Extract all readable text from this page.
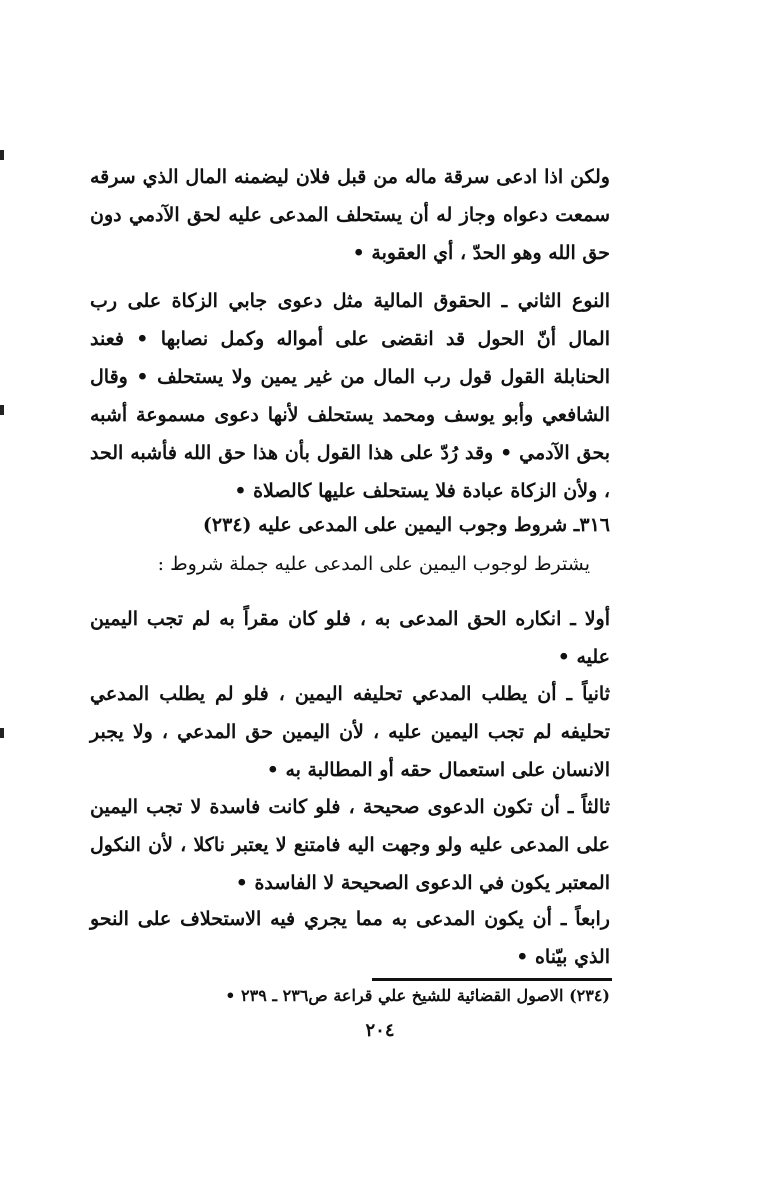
ولكن اذا ادعى سرقة ماله من قبل فلان ليضمنه المال الذي سرقه سمعت دعواه وجاز له أن يستحلف المدعى عليه لحق الآدمي دون حق الله وهو الحدّ ، أي العقوبة •

النوع الثاني ـ الحقوق المالية مثل دعوى جابي الزكاة على رب المال أنّ الحول قد انقضى على أمواله وكمل نصابها • فعند الحنابلة القول قول رب المال من غير يمين ولا يستحلف • وقال الشافعي وأبو يوسف ومحمد يستحلف لأنها دعوى مسموعة أشبه بحق الآدمي • وقد رُدّ على هذا القول بأن هذا حق الله فأشبه الحد ، ولأن الزكاة عبادة فلا يستحلف عليها كالصلاة •

٣١٦ـ شروط وجوب اليمين على المدعى عليه (٢٣٤)

يشترط لوجوب اليمين على المدعى عليه جملة شروط :

أولا ـ انكاره الحق المدعى به ، فلو كان مقراً به لم تجب اليمين عليه •

ثانياً ـ أن يطلب المدعي تحليفه اليمين ، فلو لم يطلب المدعي تحليفه لم تجب اليمين عليه ، لأن اليمين حق المدعي ، ولا يجبر الانسان على استعمال حقه أو المطالبة به •

ثالثاً ـ أن تكون الدعوى صحيحة ، فلو كانت فاسدة لا تجب اليمين على المدعى عليه ولو وجهت اليه فامتنع لا يعتبر ناكلا ، لأن النكول المعتبر يكون في الدعوى الصحيحة لا الفاسدة •

رابعاً ـ أن يكون المدعى به مما يجري فيه الاستحلاف على النحو الذي بيّناه •

(٢٣٤) الاصول القضائية للشيخ علي قراعة ص٢٣٦ ـ ٢٣٩ •

٢٠٤
